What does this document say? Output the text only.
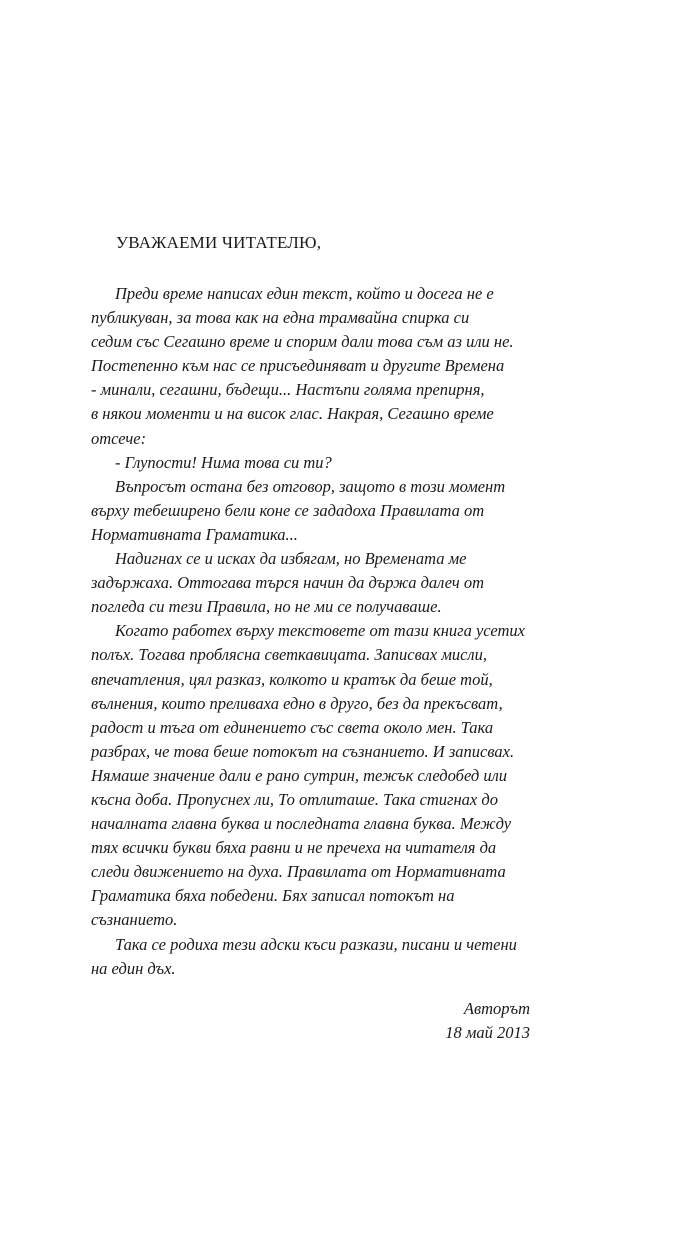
УВАЖАЕМИ ЧИТАТЕЛЮ,
Преди време написах един текст, който и досега не е
публикуван, за това как на една трамвайна спирка си
седим със Сегашно време и спорим дали това съм аз или не.
Постепенно към нас се присъединяват и другите Времена
- минали, сегашни, бъдещи... Настъпи голяма препирня,
в някои моменти и на висок глас. Накрая, Сегашно време
отсече:
- Глупости! Нима това си ти?
Въпросът остана без отговор, защото в този момент
върху тебеширено бели коне се зададоха Правилата от
Нормативната Граматика...
Надигнах се и исках да избягам, но Времената ме
задържаха. Оттогава търся начин да държа далеч от
погледа си тези Правила, но не ми се получаваше.
Когато работех върху текстовете от тази книга усетих
полъх. Тогава проблясна светкавицата. Записвах мисли,
впечатления, цял разказ, колкото и кратък да беше той,
вълнения, които преливаха едно в друго, без да прекъсват,
радост и тъга от единението със света около мен. Така
разбрах, че това беше потокът на съзнанието. И записвах.
Нямаше значение дали е рано сутрин, тежък следобед или
късна доба. Пропуснех ли, То отлиташе. Така стигнах до
началната главна буква и последната главна буква. Между
тях всички букви бяха равни и не пречеха на читателя да
следи движението на духа. Правилата от Нормативната
Граматика бяха победени. Бях записал потокът на
съзнанието.
Така се родиха тези адски къси разкази, писани и четени
на един дъх.
Авторът
18 май 2013
